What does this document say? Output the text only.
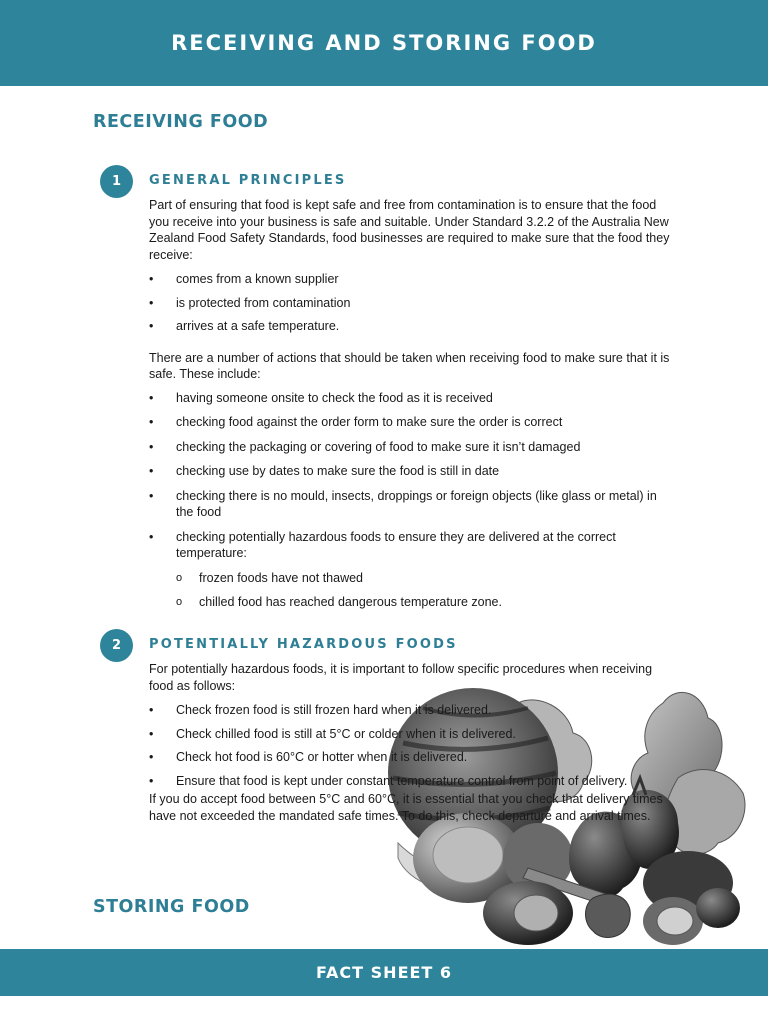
RECEIVING AND STORING FOOD
RECEIVING FOOD
1	GENERAL PRINCIPLES

Part of ensuring that food is kept safe and free from contamination is to ensure that the food you receive into your business is safe and suitable. Under Standard 3.2.2 of the Australia New Zealand Food Safety Standards, food businesses are required to make sure that the food they receive:

• comes from a known supplier
• is protected from contamination
• arrives at a safe temperature.

There are a number of actions that should be taken when receiving food to make sure that it is safe. These include:

• having someone onsite to check the food as it is received
• checking food against the order form to make sure the order is correct
• checking the packaging or covering of food to make sure it isn’t damaged
• checking use by dates to make sure the food is still in date
• checking there is no mould, insects, droppings or foreign objects (like glass or metal) in the food
• checking potentially hazardous foods to ensure they are delivered at the correct temperature:
o frozen foods have not thawed
o chilled food has reached dangerous temperature zone.
2	POTENTIALLY HAZARDOUS FOODS

For potentially hazardous foods, it is important to follow specific procedures when receiving food as follows:

• Check frozen food is still frozen hard when it is delivered.
• Check chilled food is still at 5°C or colder when it is delivered.
• Check hot food is 60°C or hotter when it is delivered.
• Ensure that food is kept under constant temperature control from point of delivery.

If you do accept food between 5°C and 60°C, it is essential that you check that delivery times have not exceeded the mandated safe times. To do this, check departure and arrival times.

STORING FOOD
FACT SHEET 6
